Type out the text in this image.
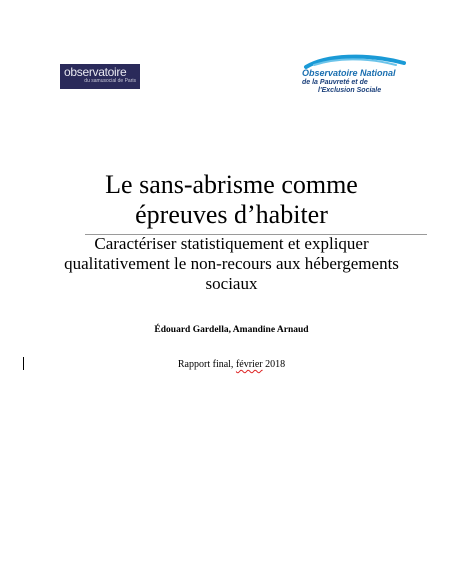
observatoire
du samusocial de Paris
Observatoire National
de la Pauvreté et de
l'Exclusion Sociale
Le sans-abrisme comme
épreuves d’habiter
Caractériser statistiquement et expliquer
qualitativement le non-recours aux hébergements
sociaux
Édouard Gardella, Amandine Arnaud
Rapport final, février 2018
